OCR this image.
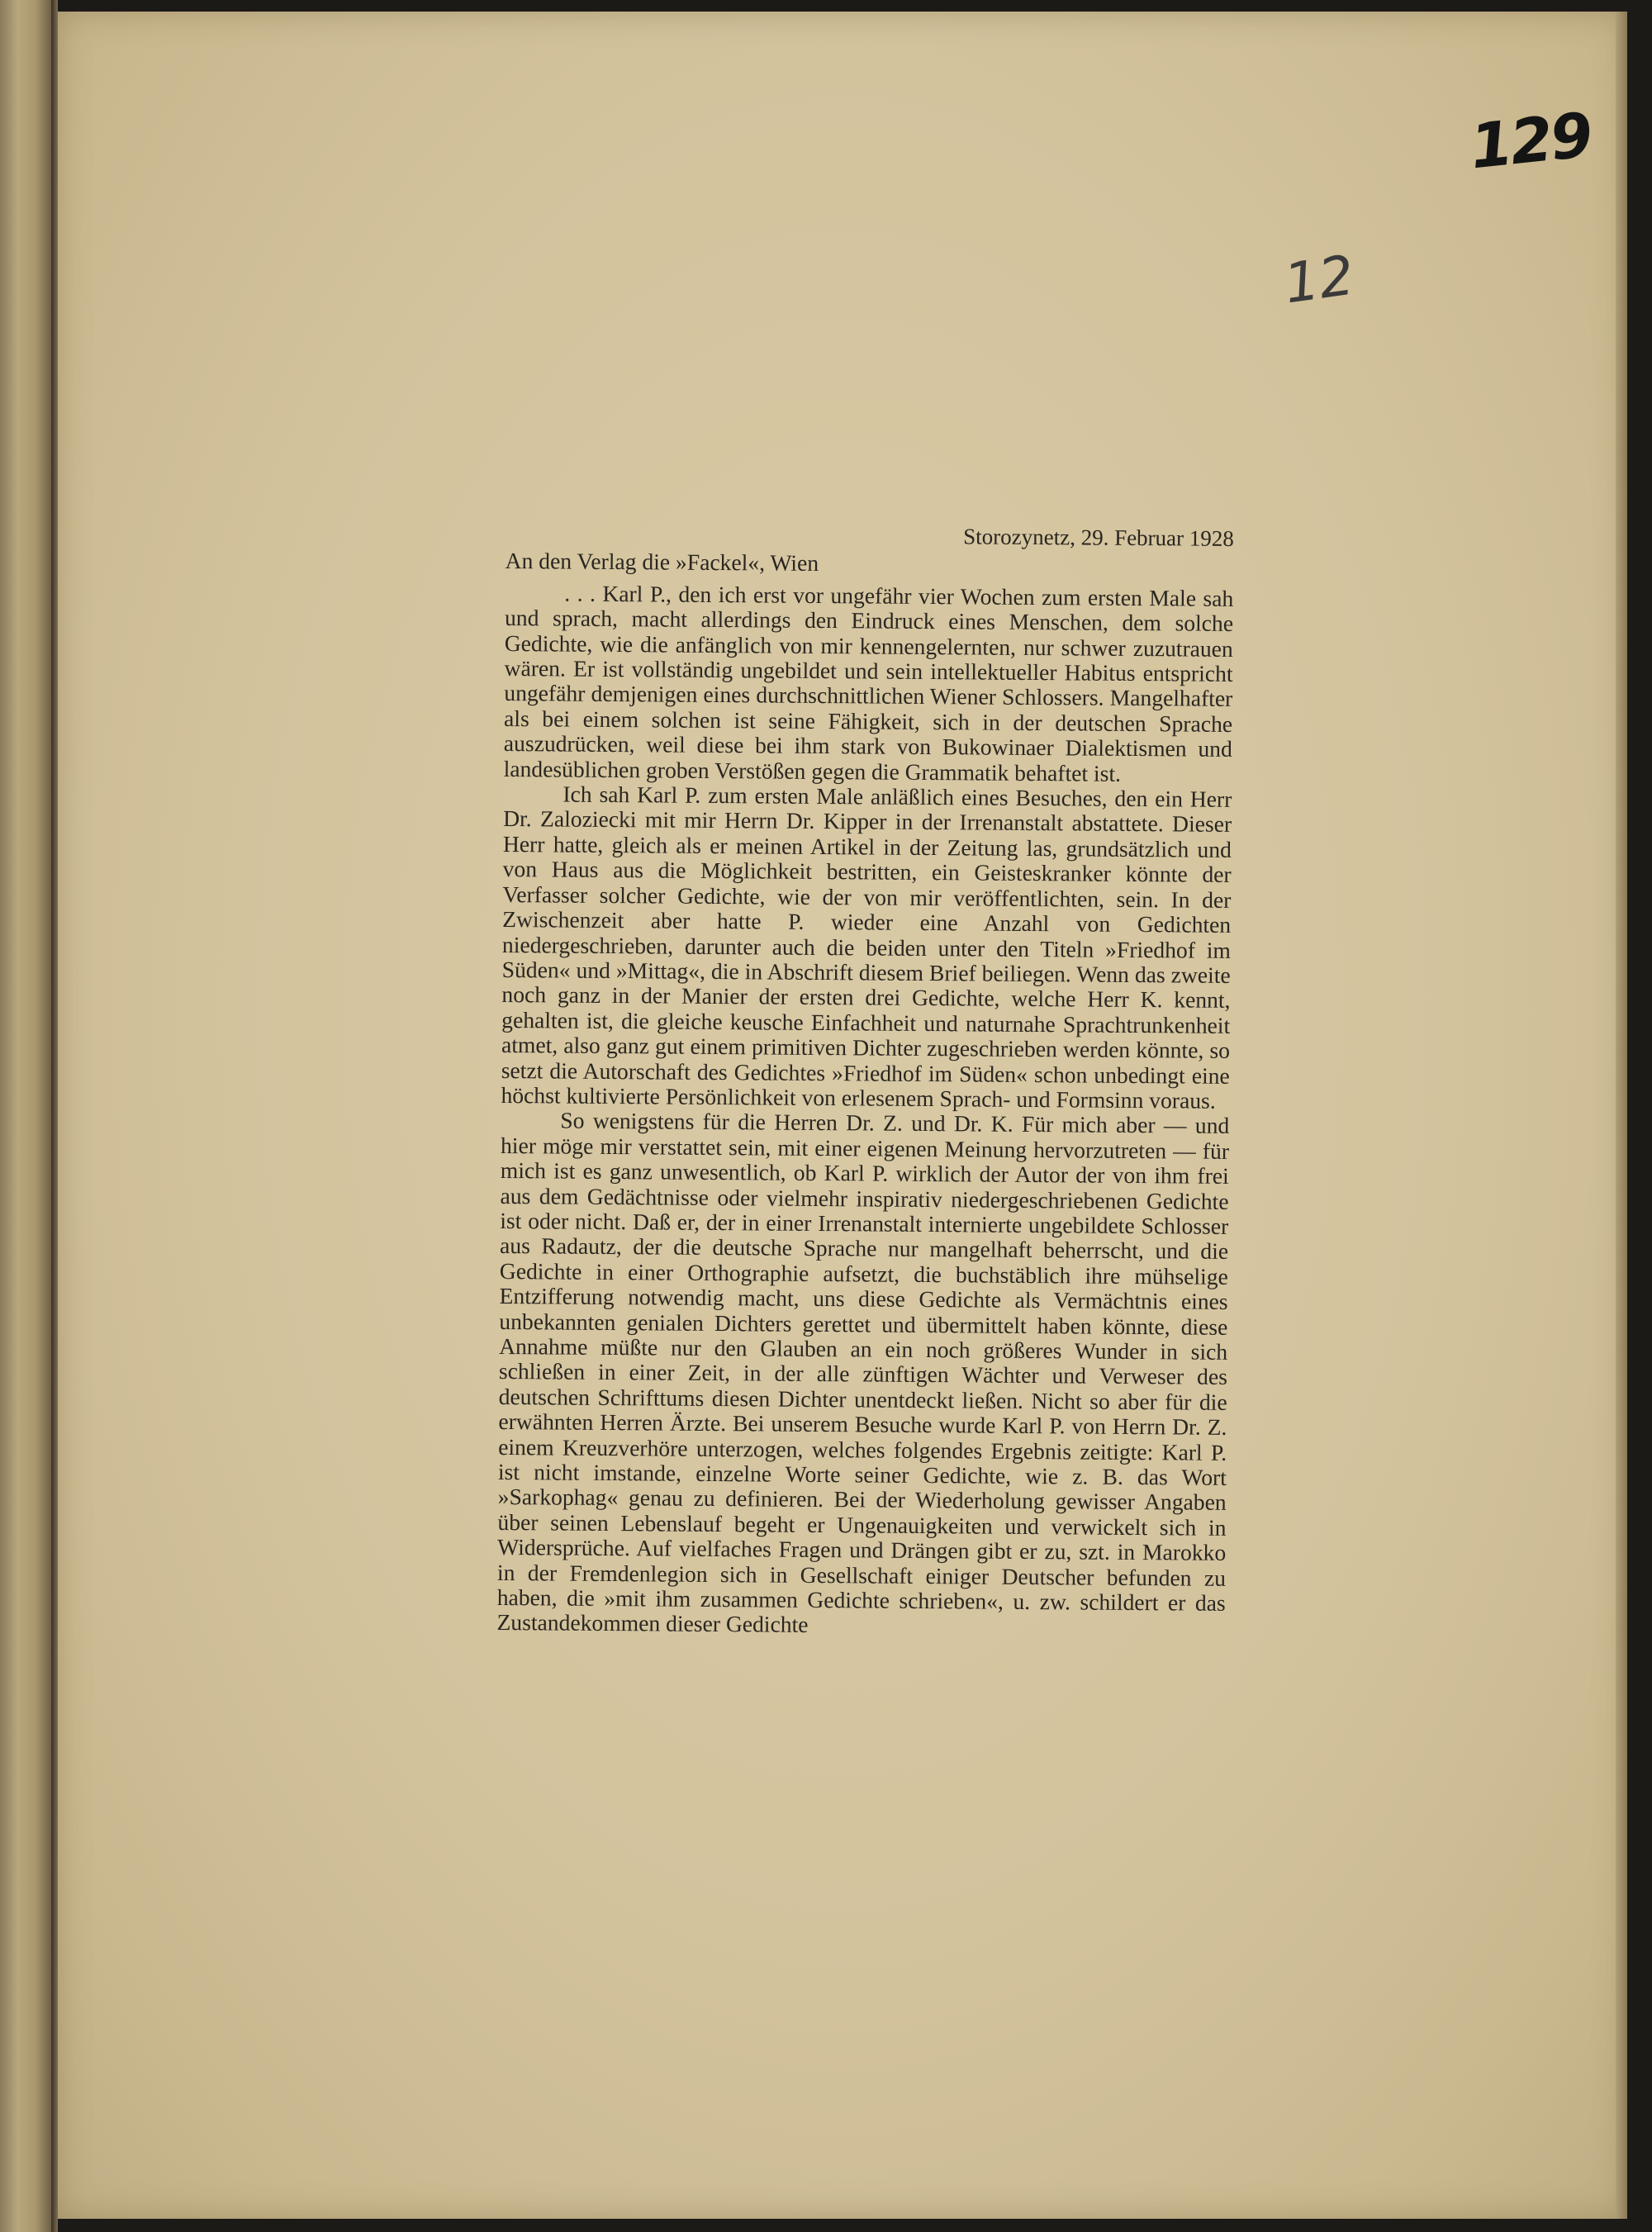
129
12

Storozynetz, 29. Februar 1928

An den Verlag die »Fackel«, Wien

. . . Karl P., den ich erst vor ungefähr vier Wochen zum ersten Male sah und sprach, macht allerdings den Eindruck eines Menschen, dem solche Gedichte, wie die anfänglich von mir kennengelernten, nur schwer zuzutrauen wären. Er ist vollständig ungebildet und sein intellektueller Habitus entspricht ungefähr demjenigen eines durchschnittlichen Wiener Schlossers. Mangelhafter als bei einem solchen ist seine Fähigkeit, sich in der deutschen Sprache auszudrücken, weil diese bei ihm stark von Bukowinaer Dialektismen und landesüblichen groben Verstößen gegen die Grammatik behaftet ist.

Ich sah Karl P. zum ersten Male anläßlich eines Besuches, den ein Herr Dr. Zaloziecki mit mir Herrn Dr. Kipper in der Irrenanstalt abstattete. Dieser Herr hatte, gleich als er meinen Artikel in der Zeitung las, grundsätzlich und von Haus aus die Möglichkeit bestritten, ein Geisteskranker könnte der Verfasser solcher Gedichte, wie der von mir veröffentlichten, sein. In der Zwischenzeit aber hatte P. wieder eine Anzahl von Gedichten niedergeschrieben, darunter auch die beiden unter den Titeln »Friedhof im Süden« und »Mittag«, die in Abschrift diesem Brief beiliegen. Wenn das zweite noch ganz in der Manier der ersten drei Gedichte, welche Herr K. kennt, gehalten ist, die gleiche keusche Einfachheit und naturnahe Sprachtrunkenheit atmet, also ganz gut einem primitiven Dichter zugeschrieben werden könnte, so setzt die Autorschaft des Gedichtes »Friedhof im Süden« schon unbedingt eine höchst kultivierte Persönlichkeit von erlesenem Sprach- und Formsinn voraus.

So wenigstens für die Herren Dr. Z. und Dr. K. Für mich aber — und hier möge mir verstattet sein, mit einer eigenen Meinung hervorzutreten — für mich ist es ganz unwesentlich, ob Karl P. wirklich der Autor der von ihm frei aus dem Gedächtnisse oder vielmehr inspirativ niedergeschriebenen Gedichte ist oder nicht. Daß er, der in einer Irrenanstalt internierte ungebildete Schlosser aus Radautz, der die deutsche Sprache nur mangelhaft beherrscht, und die Gedichte in einer Orthographie aufsetzt, die buchstäblich ihre mühselige Entzifferung notwendig macht, uns diese Gedichte als Vermächtnis eines unbekannten genialen Dichters gerettet und übermittelt haben könnte, diese Annahme müßte nur den Glauben an ein noch größeres Wunder in sich schließen in einer Zeit, in der alle zünftigen Wächter und Verweser des deutschen Schrifttums diesen Dichter unentdeckt ließen. Nicht so aber für die erwähnten Herren Ärzte. Bei unserem Besuche wurde Karl P. von Herrn Dr. Z. einem Kreuzverhöre unterzogen, welches folgendes Ergebnis zeitigte: Karl P. ist nicht imstande, einzelne Worte seiner Gedichte, wie z. B. das Wort »Sarkophag« genau zu definieren. Bei der Wiederholung gewisser Angaben über seinen Lebenslauf begeht er Ungenauigkeiten und verwickelt sich in Widersprüche. Auf vielfaches Fragen und Drängen gibt er zu, szt. in Marokko in der Fremdenlegion sich in Gesellschaft einiger Deutscher befunden zu haben, die »mit ihm zusammen Gedichte schrieben«, u. zw. schildert er das Zustandekommen dieser Gedichte
